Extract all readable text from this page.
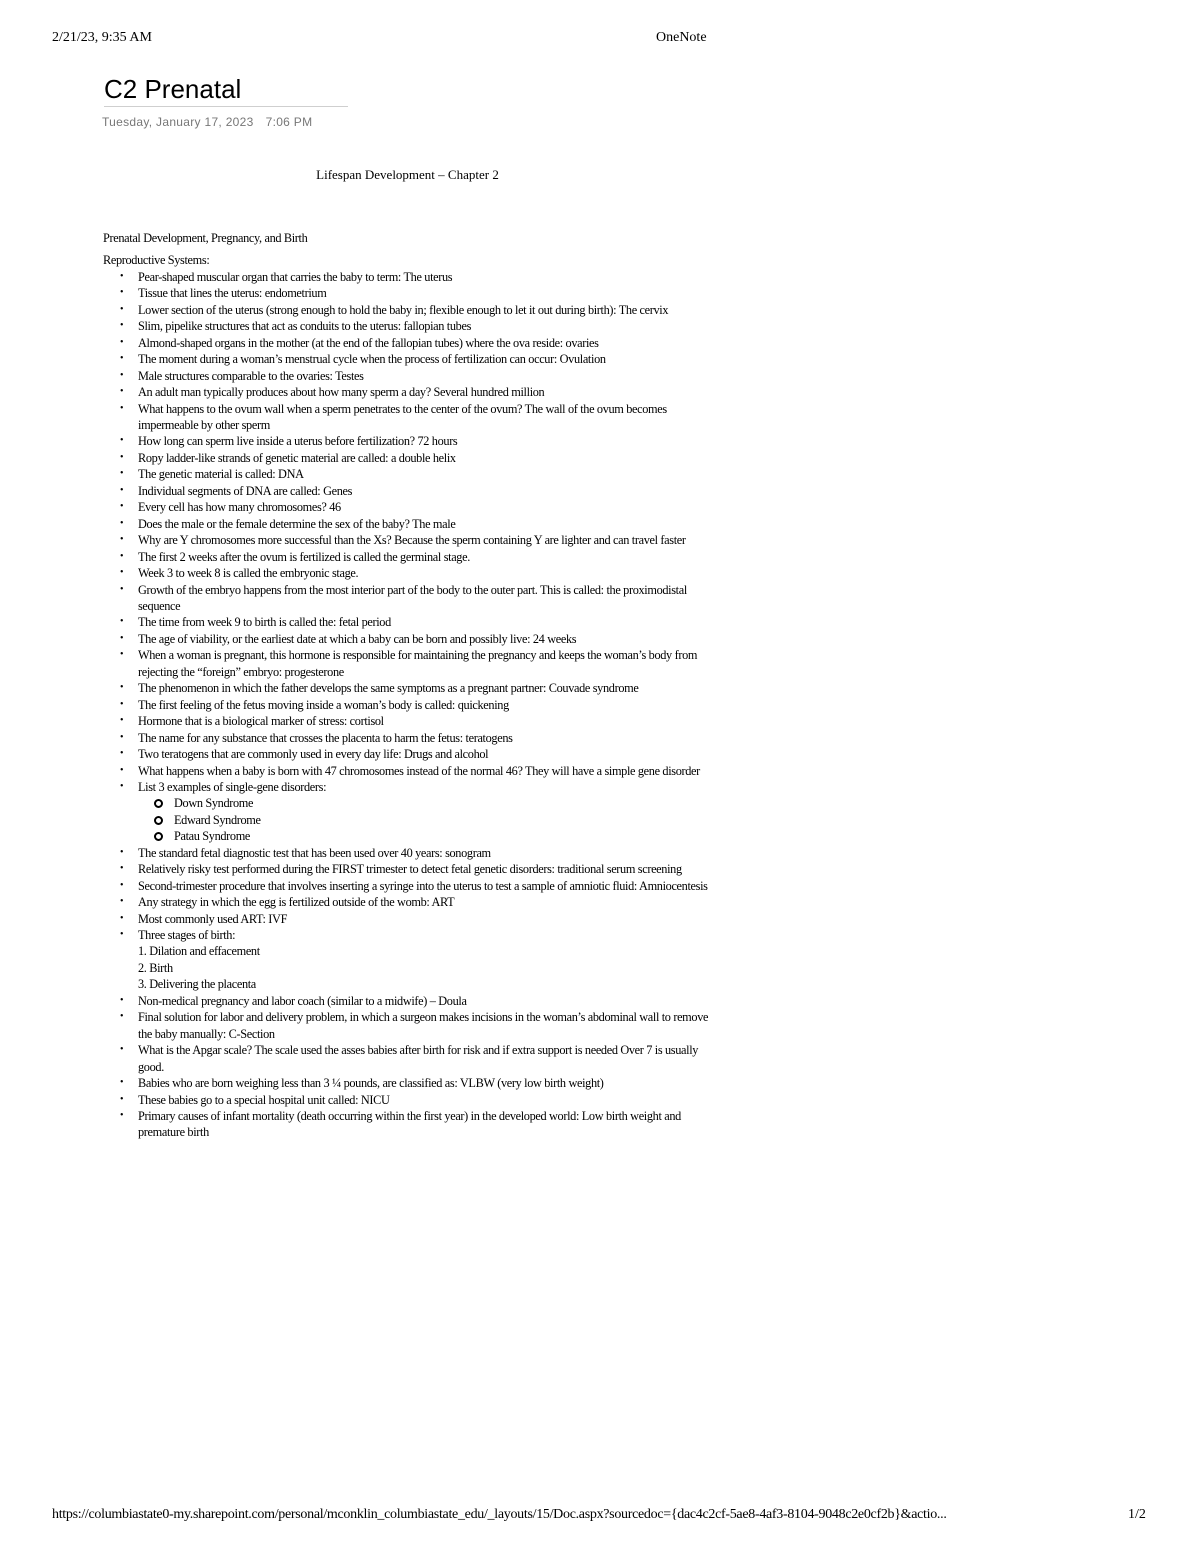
2/21/23, 9:35 AM	OneNote
C2 Prenatal
Tuesday, January 17, 2023 7:06 PM
Lifespan Development – Chapter 2

Prenatal Development, Pregnancy, and Birth

Reproductive Systems:

• Pear-shaped muscular organ that carries the baby to term: The uterus
• Tissue that lines the uterus: endometrium
• Lower section of the uterus (strong enough to hold the baby in; flexible enough to let it out during birth): The cervix
• Slim, pipelike structures that act as conduits to the uterus: fallopian tubes
• Almond-shaped organs in the mother (at the end of the fallopian tubes) where the ova reside: ovaries
• The moment during a woman’s menstrual cycle when the process of fertilization can occur: Ovulation
• Male structures comparable to the ovaries: Testes
• An adult man typically produces about how many sperm a day? Several hundred million
• What happens to the ovum wall when a sperm penetrates to the center of the ovum? The wall of the ovum becomes impermeable by other sperm
• How long can sperm live inside a uterus before fertilization? 72 hours
• Ropy ladder-like strands of genetic material are called: a double helix
• The genetic material is called: DNA
• Individual segments of DNA are called: Genes
• Every cell has how many chromosomes? 46
• Does the male or the female determine the sex of the baby? The male
• Why are Y chromosomes more successful than the Xs? Because the sperm containing Y are lighter and can travel faster
• The first 2 weeks after the ovum is fertilized is called the germinal stage.
• Week 3 to week 8 is called the embryonic stage.
• Growth of the embryo happens from the most interior part of the body to the outer part. This is called: the proximodistal sequence
• The time from week 9 to birth is called the: fetal period
• The age of viability, or the earliest date at which a baby can be born and possibly live: 24 weeks
• When a woman is pregnant, this hormone is responsible for maintaining the pregnancy and keeps the woman’s body from rejecting the “foreign” embryo: progesterone
• The phenomenon in which the father develops the same symptoms as a pregnant partner: Couvade syndrome
• The first feeling of the fetus moving inside a woman’s body is called: quickening
• Hormone that is a biological marker of stress: cortisol
• The name for any substance that crosses the placenta to harm the fetus: teratogens
• Two teratogens that are commonly used in every day life: Drugs and alcohol
• What happens when a baby is born with 47 chromosomes instead of the normal 46? They will have a simple gene disorder
• List 3 examples of single-gene disorders:
Down Syndrome
Edward Syndrome
Patau Syndrome
• The standard fetal diagnostic test that has been used over 40 years: sonogram
• Relatively risky test performed during the FIRST trimester to detect fetal genetic disorders: traditional serum screening
• Second-trimester procedure that involves inserting a syringe into the uterus to test a sample of amniotic fluid: Amniocentesis
• Any strategy in which the egg is fertilized outside of the womb: ART
• Most commonly used ART: IVF
• Three stages of birth:
1. Dilation and effacement
2. Birth
3. Delivering the placenta
• Non-medical pregnancy and labor coach (similar to a midwife) – Doula
• Final solution for labor and delivery problem, in which a surgeon makes incisions in the woman’s abdominal wall to remove the baby manually: C-Section
• What is the Apgar scale? The scale used the asses babies after birth for risk and if extra support is needed Over 7 is usually good.
• Babies who are born weighing less than 3 ¼ pounds, are classified as: VLBW (very low birth weight)
• These babies go to a special hospital unit called: NICU
• Primary causes of infant mortality (death occurring within the first year) in the developed world: Low birth weight and premature birth
https://columbiastate0-my.sharepoint.com/personal/mconklin_columbiastate_edu/_layouts/15/Doc.aspx?sourcedoc={dac4c2cf-5ae8-4af3-8104-9048c2e0cf2b}&actio...	1/2
